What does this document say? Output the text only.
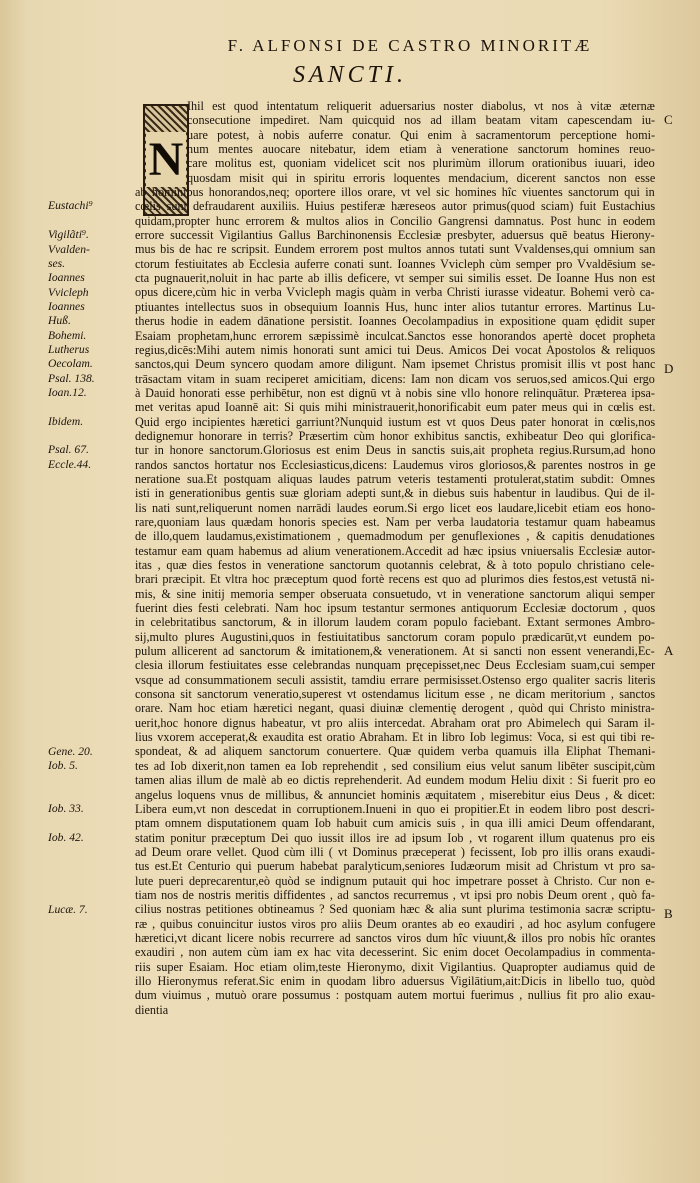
F. ALFONSI DE CASTRO MINORITÆ
SANCTI.
C
D
A
B
N
Eustachi⁹
Vigilãti⁹.
Vvalden-
ses.
Ioannes
Vvicleph
Ioannes
Huß.
Bohemi.
Lutherus
Oecolam.
Psal. 138.
Ioan.12.
Ibidem.
Psal. 67.
Eccle.44.
Gene. 20.
Iob. 5.
Iob. 33.
Iob. 42.
Lucæ. 7.
Ihil est quod intentatum reliquerit aduersarius noster diabolus, vt nos à vitæ æternæ
consecutione impediret. Nam quicquid nos ad illam beatam vitam capescendam iu-
uare potest, à nobis auferre conatur. Qui enim à sacramentorum perceptione homi-
num mentes auocare nitebatur, idem etiam à veneratione sanctorum homines reuo-
care molitus est, quoniam videlicet scit nos plurimùm illorum orationibus iuuari, ideo
quosdam misit qui in spiritu erroris loquentes mendacium, dicerent sanctos non esse
ab hominibus honorandos,neq; oportere illos orare, vt vel sic homines hîc viuentes sanctorum qui in
cœlis sunt defraudarent auxiliis. Huius pestiferæ hæreseos autor primus(quod sciam) fuit Eustachius
quidam,propter hunc errorem & multos alios in Concilio Gangrensi damnatus. Post hunc in eodem
errore successit Vigilantius Gallus Barchinonensis Ecclesiæ presbyter, aduersus quē beatus Hierony-
mus bis de hac re scripsit. Eundem errorem post multos annos tutati sunt Vvaldenses,qui omnium san
ctorum festiuitates ab Ecclesia auferre conati sunt. Ioannes Vvicleph cùm semper pro Vvaldēsium se-
cta pugnauerit,noluit in hac parte ab illis deficere, vt semper sui similis esset. De Ioanne Hus non est
opus dicere,cùm hic in verba Vvicleph magis quàm in verba Christi iurasse videatur. Bohemi verò ca-
ptiuantes intellectus suos in obsequium Ioannis Hus, hunc inter alios tutantur errores. Martinus Lu-
therus hodie in eadem dānatione persistit. Ioannes Oecolampadius in expositione quam ędidit super
Esaiam prophetam,hunc errorem sæpissimè inculcat.Sanctos esse honorandos apertè docet propheta
regius,dicēs:Mihi autem nimis honorati sunt amici tui Deus. Amicos Dei vocat Apostolos & reliquos
sanctos,qui Deum syncero quodam amore diligunt. Nam ipsemet Christus promisit illis vt post hanc
trāsactam vitam in suam reciperet amicitiam, dicens: Iam non dicam vos seruos,sed amicos.Qui ergo
à Dauid honorati esse perhibētur, non est dignū vt à nobis sine vllo honore relinquātur. Præterea ipsa-
met veritas apud Ioannē ait: Si quis mihi ministrauerit,honorificabit eum pater meus qui in cœlis est.
Quid ergo incipientes hæretici garriunt?Nunquid iustum est vt quos Deus pater honorat in cœlis,nos
dedignemur honorare in terris? Præsertim cùm honor exhibitus sanctis, exhibeatur Deo qui glorifica-
tur in honore sanctorum.Gloriosus est enim Deus in sanctis suis,ait propheta regius.Rursum,ad hono
randos sanctos hortatur nos Ecclesiasticus,dicens: Laudemus viros gloriosos,& parentes nostros in ge
neratione sua.Et postquam aliquas laudes patrum veteris testamenti protulerat,statim subdit: Omnes
isti in generationibus gentis suæ gloriam adepti sunt,& in diebus suis habentur in laudibus. Qui de il-
lis nati sunt,reliquerunt nomen narrādi laudes eorum.Si ergo licet eos laudare,licebit etiam eos hono-
rare,quoniam laus quædam honoris species est. Nam per verba laudatoria testamur quam habeamus
de illo,quem laudamus,existimationem , quemadmodum per genuflexiones , & capitis denudationes
testamur eam quam habemus ad alium venerationem.Accedit ad hæc ipsius vniuersalis Ecclesiæ autor-
itas , quæ dies festos in veneratione sanctorum quotannis celebrat, & à toto populo christiano cele-
brari præcipit. Et vltra hoc præceptum quod fortè recens est quo ad plurimos dies festos,est vetustā ni-
mis, & sine initij memoria semper obseruata consuetudo, vt in veneratione sanctorum aliqui semper
fuerint dies festi celebrati. Nam hoc ipsum testantur sermones antiquorum Ecclesiæ doctorum , quos
in celebritatibus sanctorum, & in illorum laudem coram populo faciebant. Extant sermones Ambro-
sij,multo plures Augustini,quos in festiuitatibus sanctorum coram populo prædicarūt,vt eundem po-
pulum allicerent ad sanctorum & imitationem,& venerationem. At si sancti non essent venerandi,Ec-
clesia illorum festiuitates esse celebrandas nunquam pręcepisset,nec Deus Ecclesiam suam,cui semper
vsque ad consummationem seculi assistit, tamdiu errare permisisset.Ostenso ergo qualiter sacris literis
consona sit sanctorum veneratio,superest vt ostendamus licitum esse , ne dicam meritorium , sanctos
orare. Nam hoc etiam hæretici negant, quasi diuinæ clementię derogent , quòd qui Christo ministra-
uerit,hoc honore dignus habeatur, vt pro aliis intercedat. Abraham orat pro Abimelech qui Saram il-
lius vxorem acceperat,& exaudita est oratio Abraham. Et in libro Iob legimus: Voca, si est qui tibi re-
spondeat, & ad aliquem sanctorum conuertere. Quæ quidem verba quamuis illa Eliphat Themani-
tes ad Iob dixerit,non tamen ea Iob reprehendit , sed consilium eius velut sanum libēter suscipit,cùm
tamen alias illum de malè ab eo dictis reprehenderit. Ad eundem modum Heliu dixit : Si fuerit pro eo
angelus loquens vnus de millibus, & annunciet hominis æquitatem , miserebitur eius Deus , & dicet:
Libera eum,vt non descedat in corruptionem.Inueni in quo ei propitier.Et in eodem libro post descri-
ptam omnem disputationem quam Iob habuit cum amicis suis , in qua illi amici Deum offendarant,
statim ponitur præceptum Dei quo iussit illos ire ad ipsum Iob , vt rogarent illum quatenus pro eis
ad Deum orare vellet. Quod cùm illi ( vt Dominus præceperat ) fecissent, Iob pro illis orans exaudi-
tus est.Et Centurio qui puerum habebat paralyticum,seniores Iudæorum misit ad Christum vt pro sa-
lute pueri deprecarentur,eò quòd se indignum putauit qui hoc impetrare posset à Christo. Cur non e-
tiam nos de nostris meritis diffidentes , ad sanctos recurremus , vt ipsi pro nobis Deum orent , quò fa-
cilius nostras petitiones obtineamus ? Sed quoniam hæc & alia sunt plurima testimonia sacræ scriptu-
ræ , quibus conuincitur iustos viros pro aliis Deum orantes ab eo exaudiri , ad hoc asylum confugere
hæretici,vt dicant licere nobis recurrere ad sanctos viros dum hîc viuunt,& illos pro nobis hîc orantes
exaudiri , non autem cùm iam ex hac vita decesserint. Sic enim docet Oecolampadius in commenta-
riis super Esaiam. Hoc etiam olim,teste Hieronymo, dixit Vigilantius. Quapropter audiamus quid de
illo Hieronymus referat.Sic enim in quodam libro aduersus Vigilātium,ait:Dicis in libello tuo, quòd
dum viuimus , mutuò orare possumus : postquam autem mortui fuerimus , nullius fit pro alio exau-
dientia
